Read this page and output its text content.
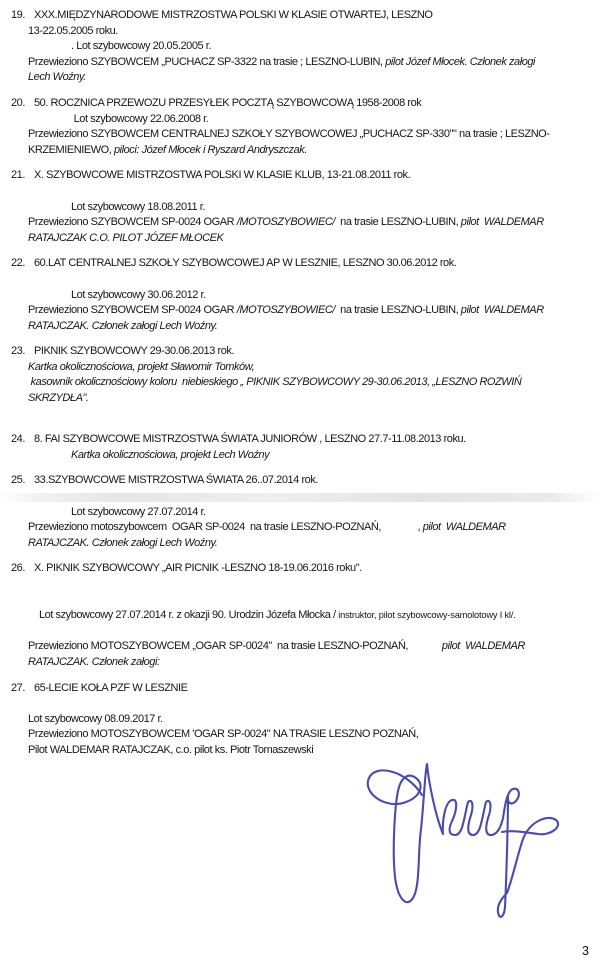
19. XXX.MIĘDZYNARODOWE MISTRZOSTWA POLSKI W KLASIE OTWARTEJ, LESZNO
13-22.05.2005 roku.
. Lot szybowcowy 20.05.2005 r.
Przewieziono SZYBOWCEM „PUCHACZ SP-3322 na trasie ; LESZNO-LUBIN, pilot Józef Młocek. Członek załogi
Lech Woźny.
20. 50. ROCZNICA PRZEWOZU PRZESYŁEK POCZTĄ SZYBOWCOWĄ 1958-2008 rok
Lot szybowcowy 22.06.2008 r.
Przewieziono SZYBOWCEM CENTRALNEJ SZKOŁY SZYBOWCOWEJ „PUCHACZ SP-330"" na trasie ; LESZNO-
KRZEMIENIEWO, piloci: Józef Młocek i Ryszard Andryszczak.
21. X. SZYBOWCOWE MISTRZOSTWA POLSKI W KLASIE KLUB, 13-21.08.2011 rok.

Lot szybowcowy 18.08.2011 r.
Przewieziono SZYBOWCEM SP-0024 OGAR /MOTOSZYBOWIEC/  na trasie LESZNO-LUBIN, pilot  WALDEMAR
RATAJCZAK C.O. PILOT JÓZEF MŁOCEK
22. 60.LAT CENTRALNEJ SZKOŁY SZYBOWCOWEJ AP W LESZNIE, LESZNO 30.06.2012 rok.

Lot szybowcowy 30.06.2012 r.
Przewieziono SZYBOWCEM SP-0024 OGAR /MOTOSZYBOWIEC/  na trasie LESZNO-LUBIN, pilot  WALDEMAR
RATAJCZAK. Członek załogi Lech Woźny.
23. PIKNIK SZYBOWCOWY 29-30.06.2013 rok.
Kartka okolicznościowa, projekt Sławomir Tomków,
kasownik okolicznościowy koloru  niebieskiego „ PIKNIK SZYBOWCOWY 29-30.06.2013, „LESZNO ROZWIŃ
SKRZYDŁA".

24. 8. FAI SZYBOWCOWE MISTRZOSTWA ŚWIATA JUNIORÓW , LESZNO 27.7-11.08.2013 roku.
Kartka okolicznościowa, projekt Lech Woźny
25. 33.SZYBOWCOWE MISTRZOSTWA ŚWIATA 26..07.2014 rok.

Lot szybowcowy 27.07.2014 r.
Przewieziono motoszybowcem  OGAR SP-0024  na trasie LESZNO-POZNAŃ,              , pilot  WALDEMAR
RATAJCZAK. Członek załogi Lech Woźny.
26. X. PIKNIK SZYBOWCOWY „AIR PICNIK -LESZNO 18-19.06.2016 roku".

Lot szybowcowy 27.07.2014 r. z okazji 90. Urodzin Józefa Młocka / instruktor, pilot szybowcowy-samolotowy I kl/.

Przewieziono MOTOSZYBOWCEM „OGAR SP-0024"  na trasie LESZNO-POZNAŃ,             pilot  WALDEMAR
RATAJCZAK. Członek załogi:
27. 65-LECIE KOŁA PZF W LESZNIE

Lot szybowcowy 08.09.2017 r.
Przewieziono MOTOSZYBOWCEM 'OGAR SP-0024" NA TRASIE LESZNO POZNAŃ,
Pilot WALDEMAR RATAJCZAK, c.o. pilot ks. Piotr Tomaszewski
3
